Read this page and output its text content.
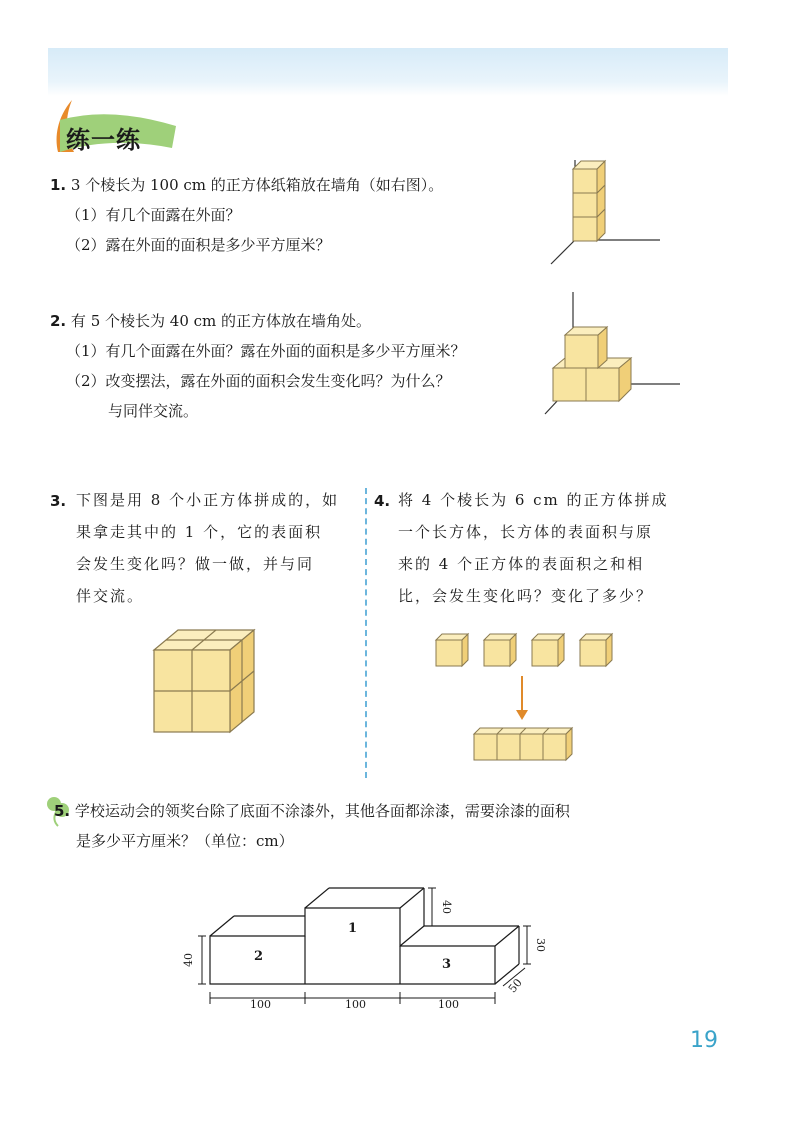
练一练
1. 3 个棱长为 100 cm 的正方体纸箱放在墙角（如右图）。
（1）有几个面露在外面？
（2）露在外面的面积是多少平方厘米？
2. 有 5 个棱长为 40 cm 的正方体放在墙角处。
（1）有几个面露在外面？露在外面的面积是多少平方厘米？
（2）改变摆法，露在外面的面积会发生变化吗？为什么？
与同伴交流。
3. 下图是用 8 个小正方体拼成的，如
果拿走其中的 1 个，它的表面积
会发生变化吗？做一做，并与同
伴交流。
4. 将 4 个棱长为 6 cm 的正方体拼成
一个长方体，长方体的表面积与原
来的 4 个正方体的表面积之和相
比，会发生变化吗？变化了多少？
5. 学校运动会的领奖台除了底面不涂漆外，其他各面都涂漆，需要涂漆的面积
是多少平方厘米？（单位：cm）
1
2
3
100	100	100
40
40
30
50
19
